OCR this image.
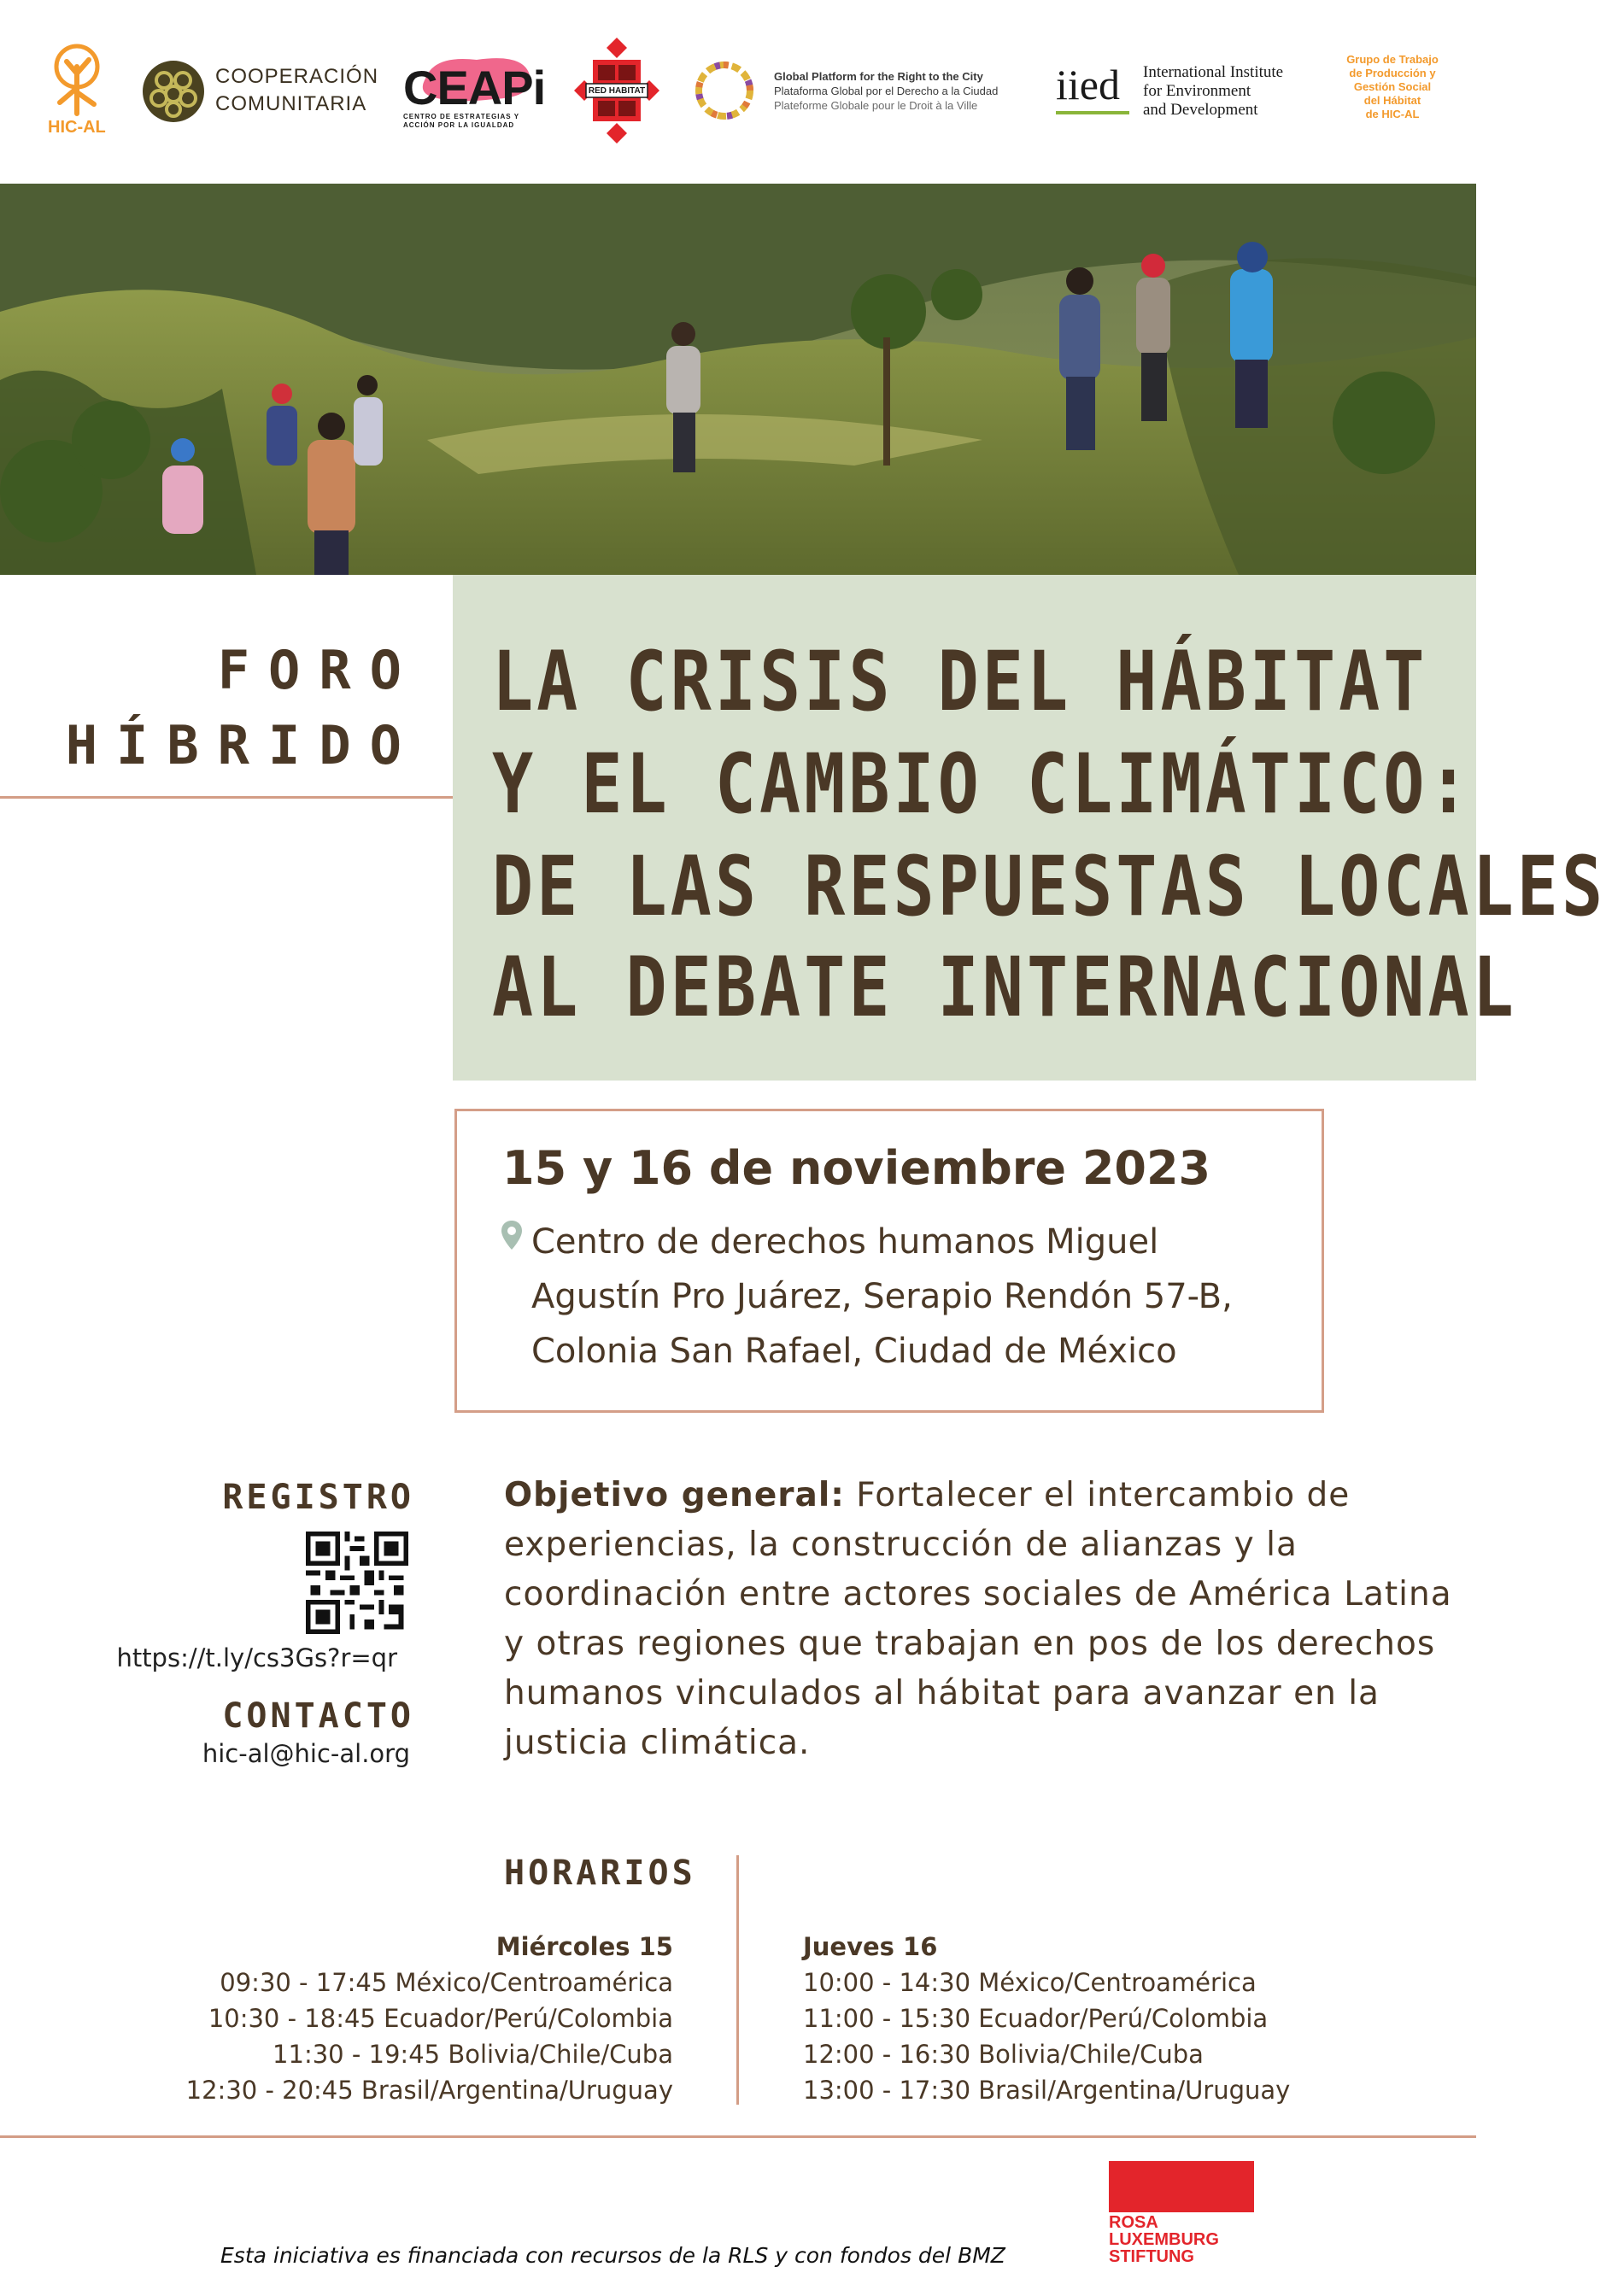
HIC-AL
COOPERACIÓN
COMUNITARIA CEAPi
CENTRO DE ESTRATEGIAS Y
ACCIÓN POR LA IGUALDAD
RED HABITAT
Global Platform for the Right to the City
Plataforma Global por el Derecho a la Ciudad
Plateforme Globale pour le Droit à la Ville iied International Institute
for Environment
and Development
Grupo de Trabajo
de Producción y
Gestión Social
del Hábitat
de HIC-AL
FORO
HÍBRIDO
LA CRISIS DEL HÁBITAT
Y EL CAMBIO CLIMÁTICO:
DE LAS RESPUESTAS LOCALES
AL DEBATE INTERNACIONAL
15 y 16 de noviembre 2023
Centro de derechos humanos Miguel
Agustín Pro Juárez, Serapio Rendón 57-B,
Colonia San Rafael, Ciudad de México
REGISTRO
https://t.ly/cs3Gs?r=qr
CONTACTO
hic-al@hic-al.org
Objetivo general: Fortalecer el intercambio de experiencias, la construcción de alianzas y la coordinación entre actores sociales de América Latina y otras regiones que trabajan en pos de los derechos humanos vinculados al hábitat para avanzar en la justicia climática.
HORARIOS
Miércoles 15
09:30 - 17:45 México/Centroamérica
10:30 - 18:45 Ecuador/Perú/Colombia
11:30 - 19:45 Bolivia/Chile/Cuba
12:30 - 20:45 Brasil/Argentina/Uruguay
Jueves 16
10:00 - 14:30 México/Centroamérica
11:00 - 15:30 Ecuador/Perú/Colombia
12:00 - 16:30 Bolivia/Chile/Cuba
13:00 - 17:30 Brasil/Argentina/Uruguay
Esta iniciativa es financiada con recursos de la RLS y con fondos del BMZ
ROSA
LUXEMBURG
STIFTUNG
